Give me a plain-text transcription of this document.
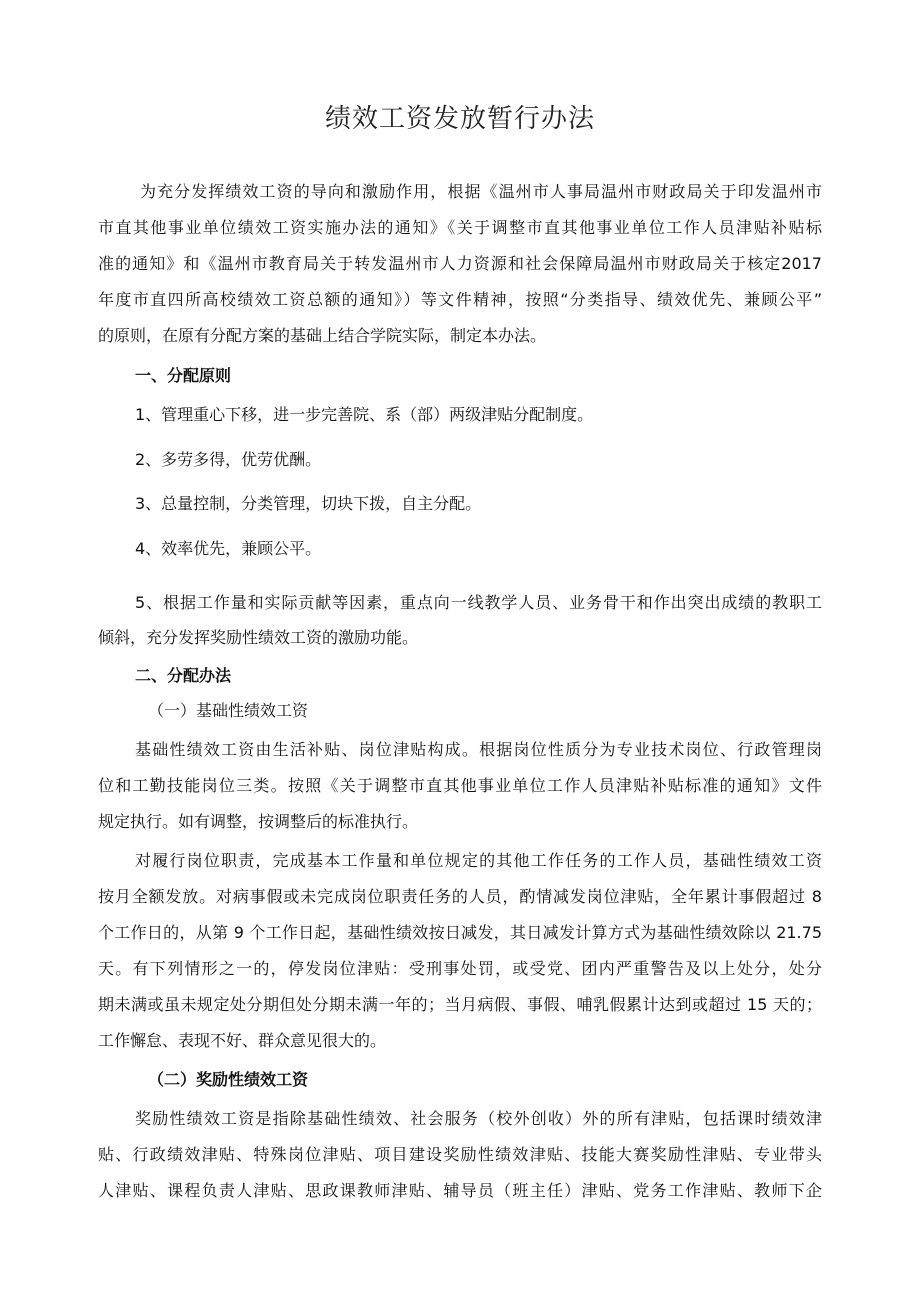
绩效工资发放暂行办法
为充分发挥绩效工资的导向和激励作用，根据《温州市人事局温州市财政局关于印发温州市
市直其他事业单位绩效工资实施办法的通知》《关于调整市直其他事业单位工作人员津贴补贴标
准的通知》和《温州市教育局关于转发温州市人力资源和社会保障局温州市财政局关于核定2017
年度市直四所高校绩效工资总额的通知》）等文件精神，按照“分类指导、绩效优先、兼顾公平”
的原则，在原有分配方案的基础上结合学院实际，制定本办法。
一、分配原则
1、管理重心下移，进一步完善院、系（部）两级津贴分配制度。
2、多劳多得，优劳优酬。
3、总量控制，分类管理，切块下拨，自主分配。
4、效率优先，兼顾公平。
5、根据工作量和实际贡献等因素，重点向一线教学人员、业务骨干和作出突出成绩的教职工
倾斜，充分发挥奖励性绩效工资的激励功能。
二、分配办法
（一）基础性绩效工资
基础性绩效工资由生活补贴、岗位津贴构成。根据岗位性质分为专业技术岗位、行政管理岗
位和工勤技能岗位三类。按照《关于调整市直其他事业单位工作人员津贴补贴标准的通知》文件
规定执行。如有调整，按调整后的标准执行。
对履行岗位职责，完成基本工作量和单位规定的其他工作任务的工作人员，基础性绩效工资
按月全额发放。对病事假或未完成岗位职责任务的人员，酌情减发岗位津贴，全年累计事假超过 8
个工作日的，从第 9 个工作日起，基础性绩效按日减发，其日减发计算方式为基础性绩效除以 21.75
天。有下列情形之一的，停发岗位津贴：受刑事处罚，或受党、团内严重警告及以上处分，处分
期未满或虽未规定处分期但处分期未满一年的；当月病假、事假、哺乳假累计达到或超过 15 天的；
工作懈怠、表现不好、群众意见很大的。
（二）奖励性绩效工资
奖励性绩效工资是指除基础性绩效、社会服务（校外创收）外的所有津贴，包括课时绩效津
贴、行政绩效津贴、特殊岗位津贴、项目建设奖励性绩效津贴、技能大赛奖励性津贴、专业带头
人津贴、课程负责人津贴、思政课教师津贴、辅导员（班主任）津贴、党务工作津贴、教师下企
